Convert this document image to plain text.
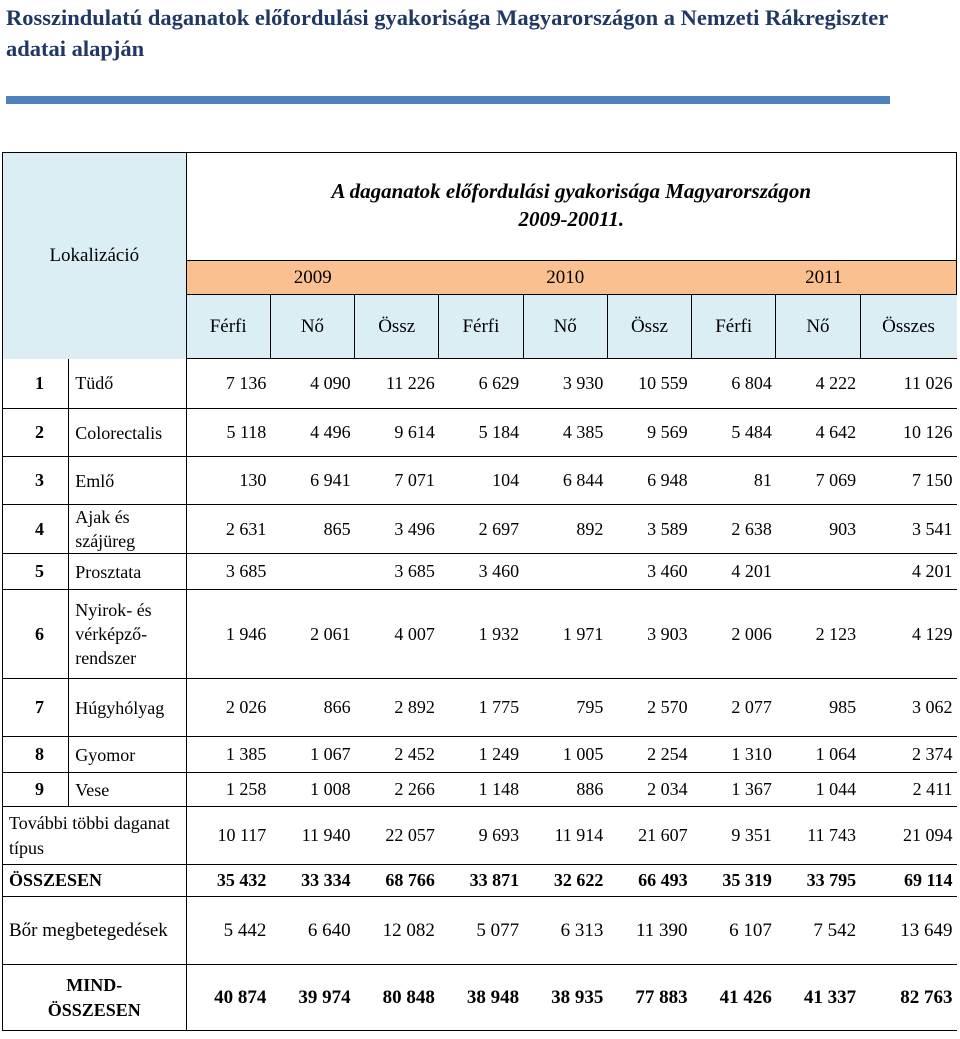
Rosszindulatú daganatok előfordulási gyakorisága Magyarországon a Nemzeti Rákregiszter adatai alapján
Lokalizáció		A daganatok előfordulási gyakorisága Magyarországon
2009-20011.								

		2009			2010			2011		
		Férfi	Nő	Össz	Férfi	Nő	Össz	Férfi	Nő	Összes
1	Tüdő	7 136	4 090	11 226	6 629	3 930	10 559	6 804	4 222	11 026
2	Colorectalis	5 118	4 496	9 614	5 184	4 385	9 569	5 484	4 642	10 126
3	Emlő	130	6 941	7 071	104	6 844	6 948	81	7 069	7 150
4	Ajak és szájüreg	2 631	865	3 496	2 697	892	3 589	2 638	903	3 541
5	Prosztata	3 685		3 685	3 460		3 460	4 201		4 201
6	Nyirok- és vérképző-rendszer	1 946	2 061	4 007	1 932	1 971	3 903	2 006	2 123	4 129
7	Húgyhólyag	2 026	866	2 892	1 775	795	2 570	2 077	985	3 062
8	Gyomor	1 385	1 067	2 452	1 249	1 005	2 254	1 310	1 064	2 374
9	Vese	1 258	1 008	2 266	1 148	886	2 034	1 367	1 044	2 411
További többi daganat típus		10 117	11 940	22 057	9 693	11 914	21 607	9 351	11 743	21 094
ÖSSZESEN		35 432	33 334	68 766	33 871	32 622	66 493	35 319	33 795	69 114
Bőr megbetegedések		5 442	6 640	12 082	5 077	6 313	11 390	6 107	7 542	13 649

MIND-
ÖSSZESEN		40 874	39 974	80 848	38 948	38 935	77 883	41 426	41 337	82 763
